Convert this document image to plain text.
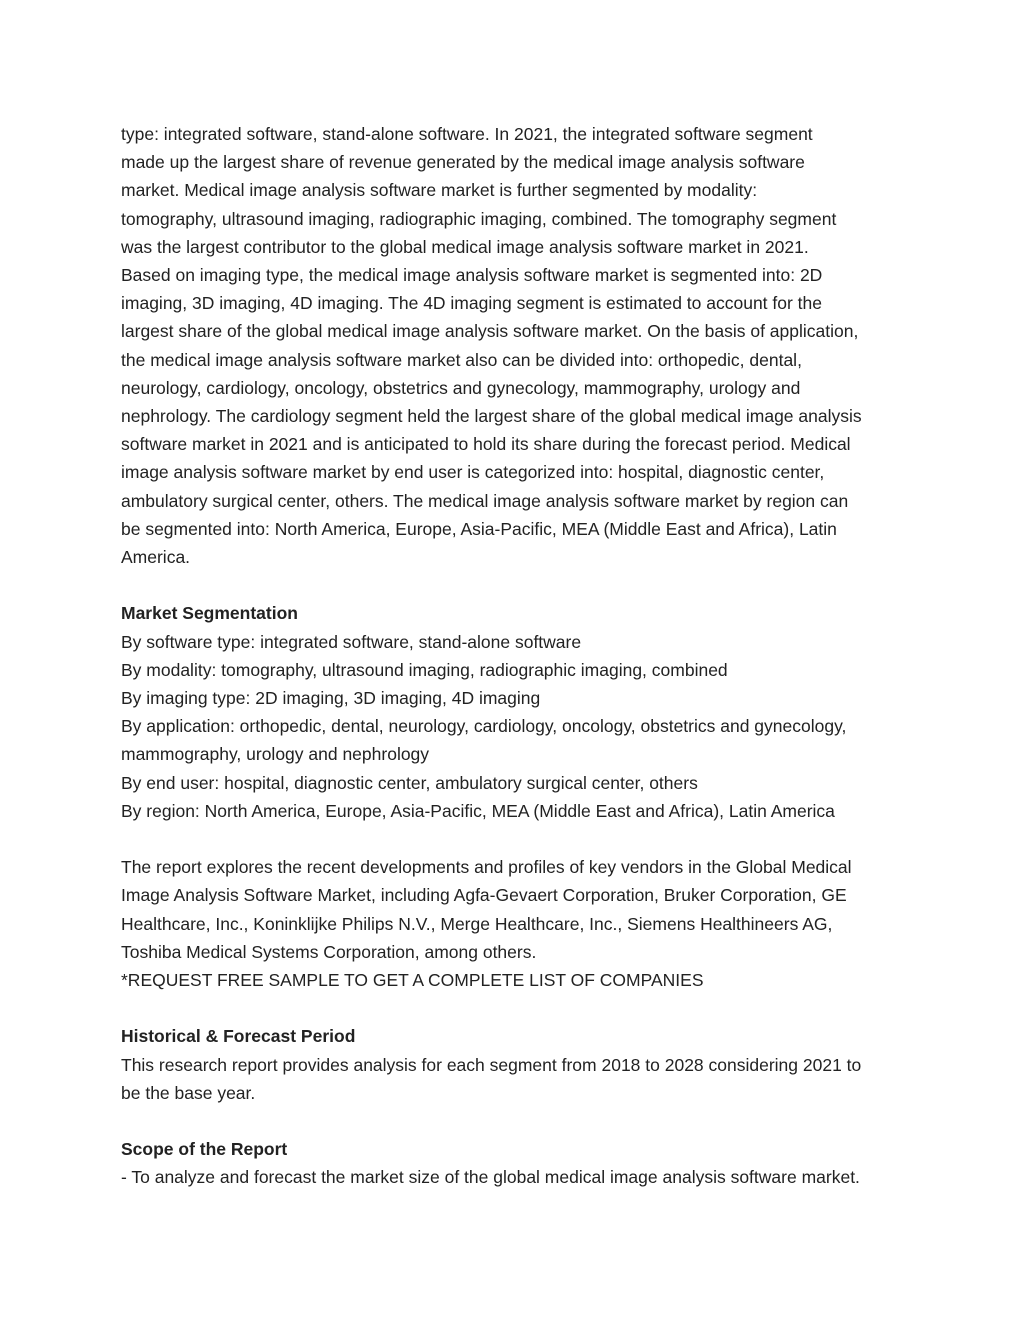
type: integrated software, stand-alone software. In 2021, the integrated software segment
made up the largest share of revenue generated by the medical image analysis software
market. Medical image analysis software market is further segmented by modality:
tomography, ultrasound imaging, radiographic imaging, combined. The tomography segment
was the largest contributor to the global medical image analysis software market in 2021.
Based on imaging type, the medical image analysis software market is segmented into: 2D
imaging, 3D imaging, 4D imaging. The 4D imaging segment is estimated to account for the
largest share of the global medical image analysis software market. On the basis of application,
the medical image analysis software market also can be divided into: orthopedic, dental,
neurology, cardiology, oncology, obstetrics and gynecology, mammography, urology and
nephrology. The cardiology segment held the largest share of the global medical image analysis
software market in 2021 and is anticipated to hold its share during the forecast period. Medical
image analysis software market by end user is categorized into: hospital, diagnostic center,
ambulatory surgical center, others. The medical image analysis software market by region can
be segmented into: North America, Europe, Asia-Pacific, MEA (Middle East and Africa), Latin
America.
Market Segmentation
By software type: integrated software, stand-alone software
By modality: tomography, ultrasound imaging, radiographic imaging, combined
By imaging type: 2D imaging, 3D imaging, 4D imaging
By application: orthopedic, dental, neurology, cardiology, oncology, obstetrics and gynecology,
mammography, urology and nephrology
By end user: hospital, diagnostic center, ambulatory surgical center, others
By region: North America, Europe, Asia-Pacific, MEA (Middle East and Africa), Latin America
The report explores the recent developments and profiles of key vendors in the Global Medical
Image Analysis Software Market, including Agfa-Gevaert Corporation, Bruker Corporation, GE
Healthcare, Inc., Koninklijke Philips N.V., Merge Healthcare, Inc., Siemens Healthineers AG,
Toshiba Medical Systems Corporation, among others.
*REQUEST FREE SAMPLE TO GET A COMPLETE LIST OF COMPANIES
Historical & Forecast Period
This research report provides analysis for each segment from 2018 to 2028 considering 2021 to
be the base year.
Scope of the Report
- To analyze and forecast the market size of the global medical image analysis software market.
